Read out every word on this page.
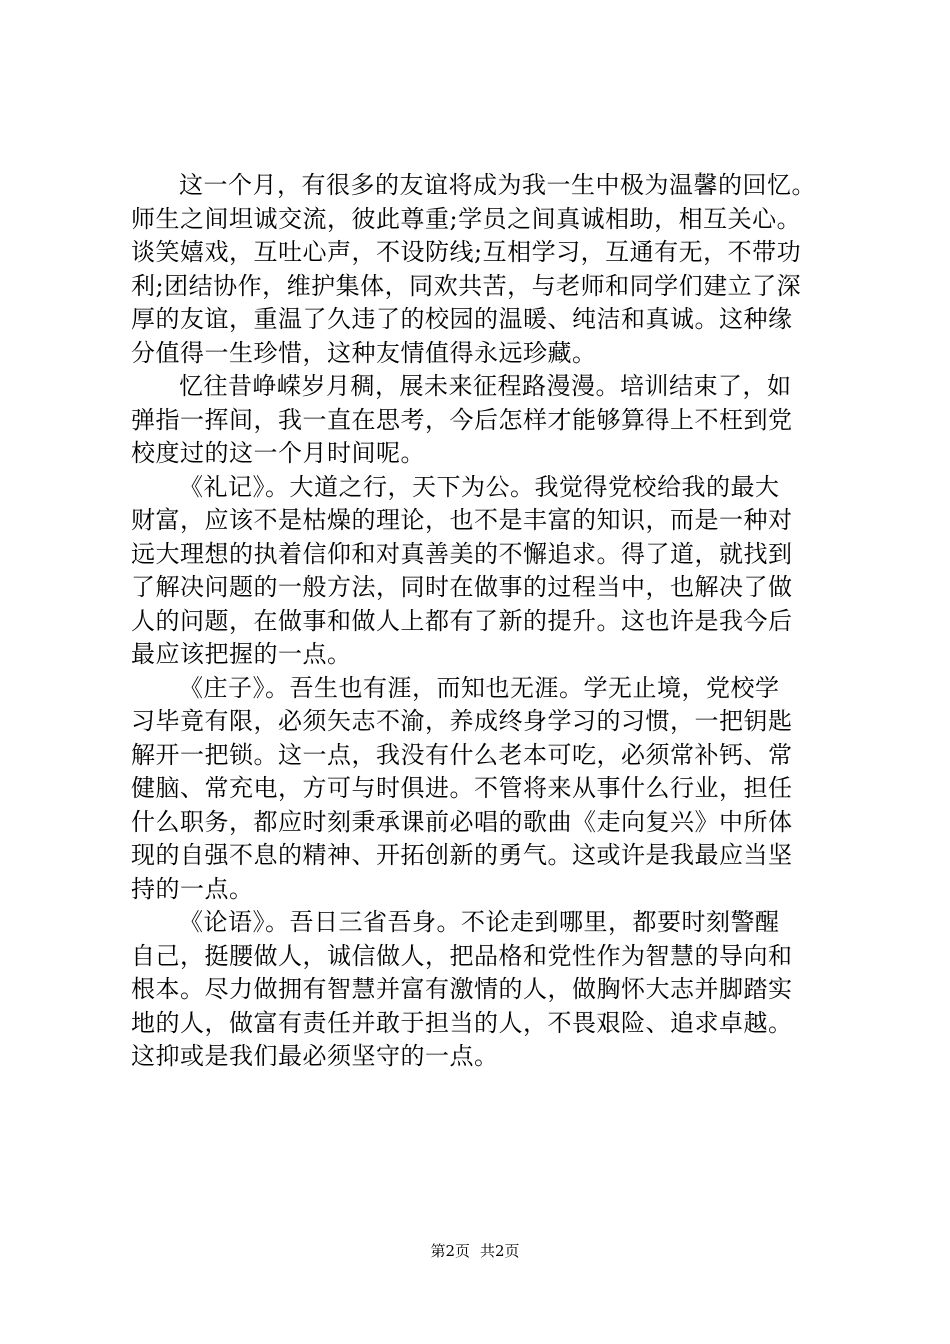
这一个月，有很多的友谊将成为我一生中极为温馨的回忆。
师生之间坦诚交流，彼此尊重;学员之间真诚相助，相互关心。
谈笑嬉戏，互吐心声，不设防线;互相学习，互通有无，不带功
利;团结协作，维护集体，同欢共苦，与老师和同学们建立了深
厚的友谊，重温了久违了的校园的温暖、纯洁和真诚。这种缘
分值得一生珍惜，这种友情值得永远珍藏。
忆往昔峥嵘岁月稠，展未来征程路漫漫。培训结束了，如
弹指一挥间，我一直在思考，今后怎样才能够算得上不枉到党
校度过的这一个月时间呢。
《礼记》。大道之行，天下为公。我觉得党校给我的最大
财富，应该不是枯燥的理论，也不是丰富的知识，而是一种对
远大理想的执着信仰和对真善美的不懈追求。得了道，就找到
了解决问题的一般方法，同时在做事的过程当中，也解决了做
人的问题，在做事和做人上都有了新的提升。这也许是我今后
最应该把握的一点。
《庄子》。吾生也有涯，而知也无涯。学无止境，党校学
习毕竟有限，必须矢志不渝，养成终身学习的习惯，一把钥匙
解开一把锁。这一点，我没有什么老本可吃，必须常补钙、常
健脑、常充电，方可与时俱进。不管将来从事什么行业，担任
什么职务，都应时刻秉承课前必唱的歌曲《走向复兴》中所体
现的自强不息的精神、开拓创新的勇气。这或许是我最应当坚
持的一点。
《论语》。吾日三省吾身。不论走到哪里，都要时刻警醒
自己，挺腰做人，诚信做人，把品格和党性作为智慧的导向和
根本。尽力做拥有智慧并富有激情的人，做胸怀大志并脚踏实
地的人，做富有责任并敢于担当的人，不畏艰险、追求卓越。
这抑或是我们最必须坚守的一点。
第2页 共2页
